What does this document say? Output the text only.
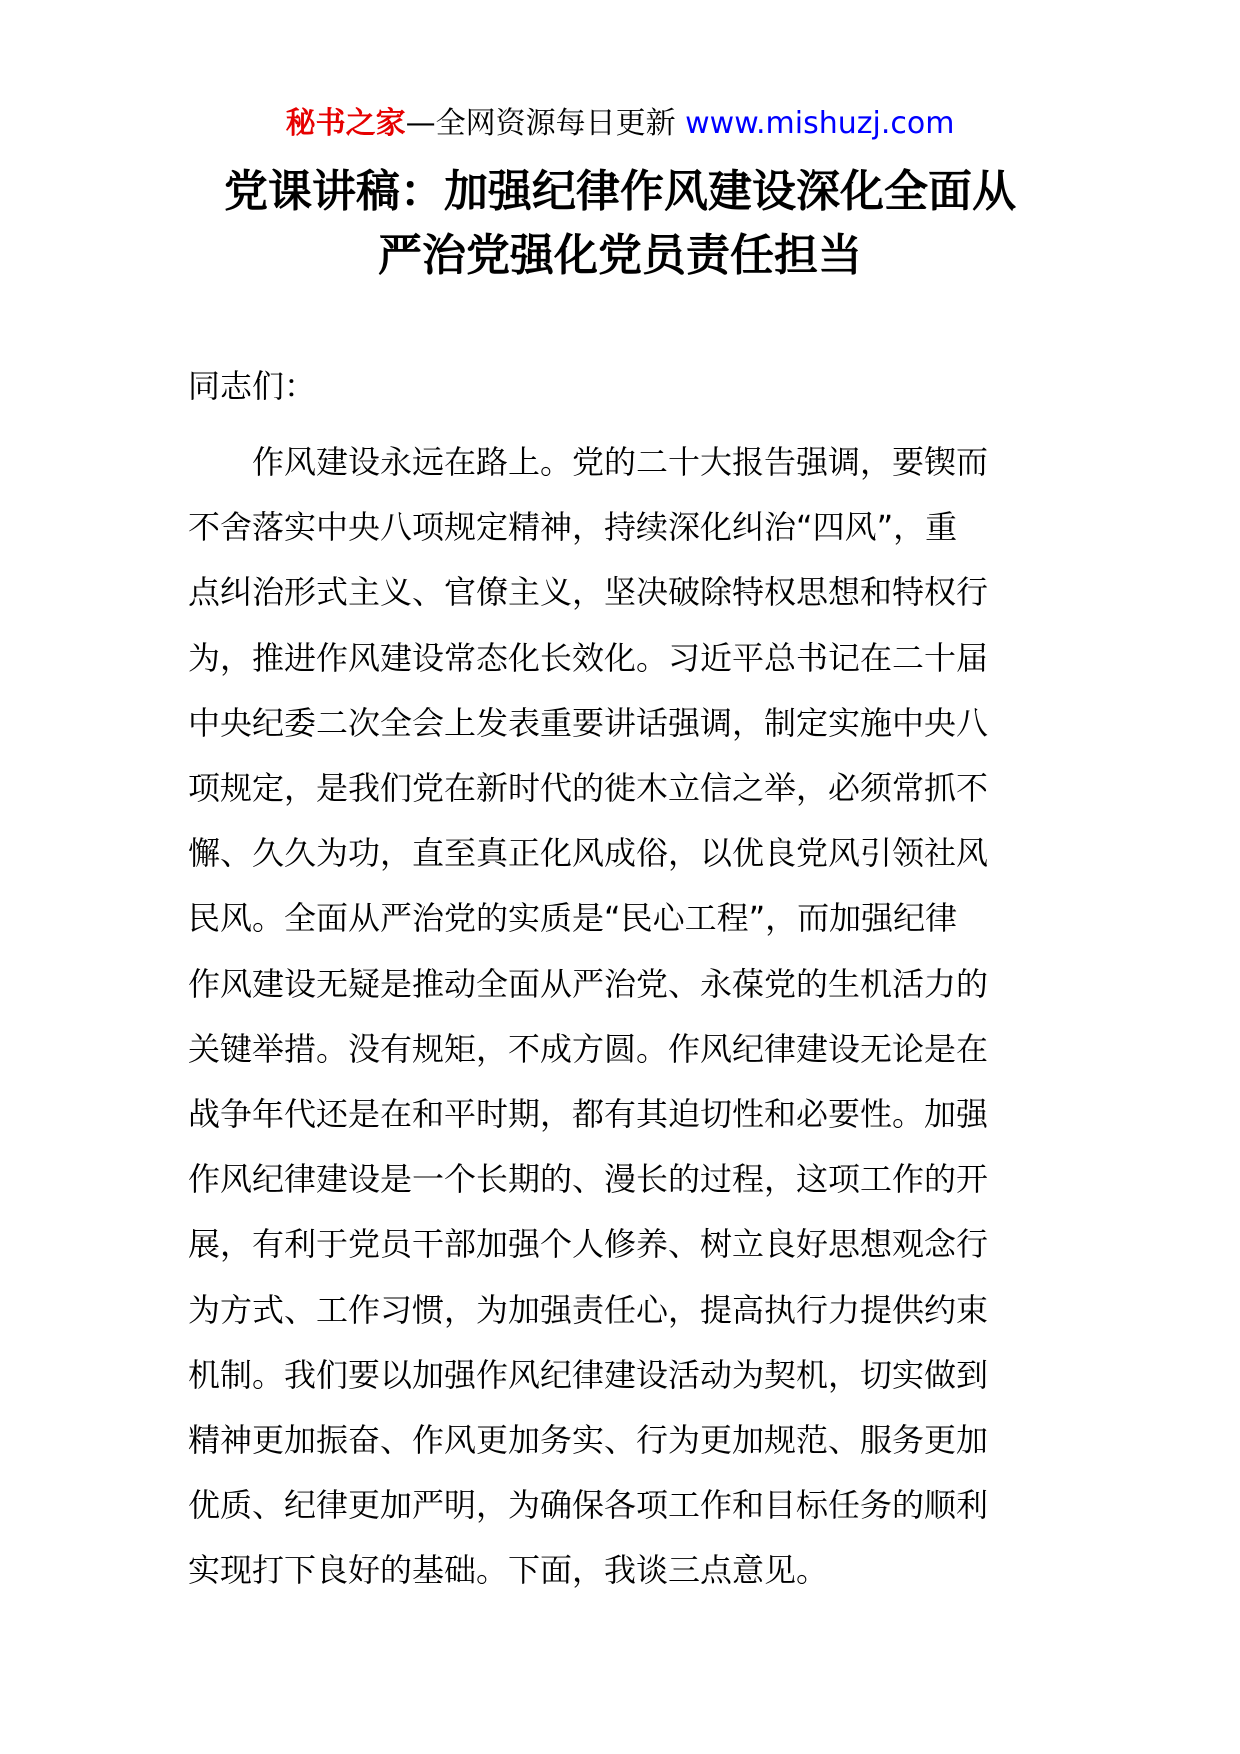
秘书之家—全网资源每日更新 www.mishuzj.com
党课讲稿：加强纪律作风建设深化全面从
严治党强化党员责任担当

同志们：

　　作风建设永远在路上。党的二十大报告强调，要锲而
不舍落实中央八项规定精神，持续深化纠治“四风”，重
点纠治形式主义、官僚主义，坚决破除特权思想和特权行
为，推进作风建设常态化长效化。习近平总书记在二十届
中央纪委二次全会上发表重要讲话强调，制定实施中央八
项规定，是我们党在新时代的徙木立信之举，必须常抓不
懈、久久为功，直至真正化风成俗，以优良党风引领社风
民风。全面从严治党的实质是“民心工程”，而加强纪律
作风建设无疑是推动全面从严治党、永葆党的生机活力的
关键举措。没有规矩，不成方圆。作风纪律建设无论是在
战争年代还是在和平时期，都有其迫切性和必要性。加强
作风纪律建设是一个长期的、漫长的过程，这项工作的开
展，有利于党员干部加强个人修养、树立良好思想观念行
为方式、工作习惯，为加强责任心，提高执行力提供约束
机制。我们要以加强作风纪律建设活动为契机，切实做到
精神更加振奋、作风更加务实、行为更加规范、服务更加
优质、纪律更加严明，为确保各项工作和目标任务的顺利
实现打下良好的基础。下面，我谈三点意见。
